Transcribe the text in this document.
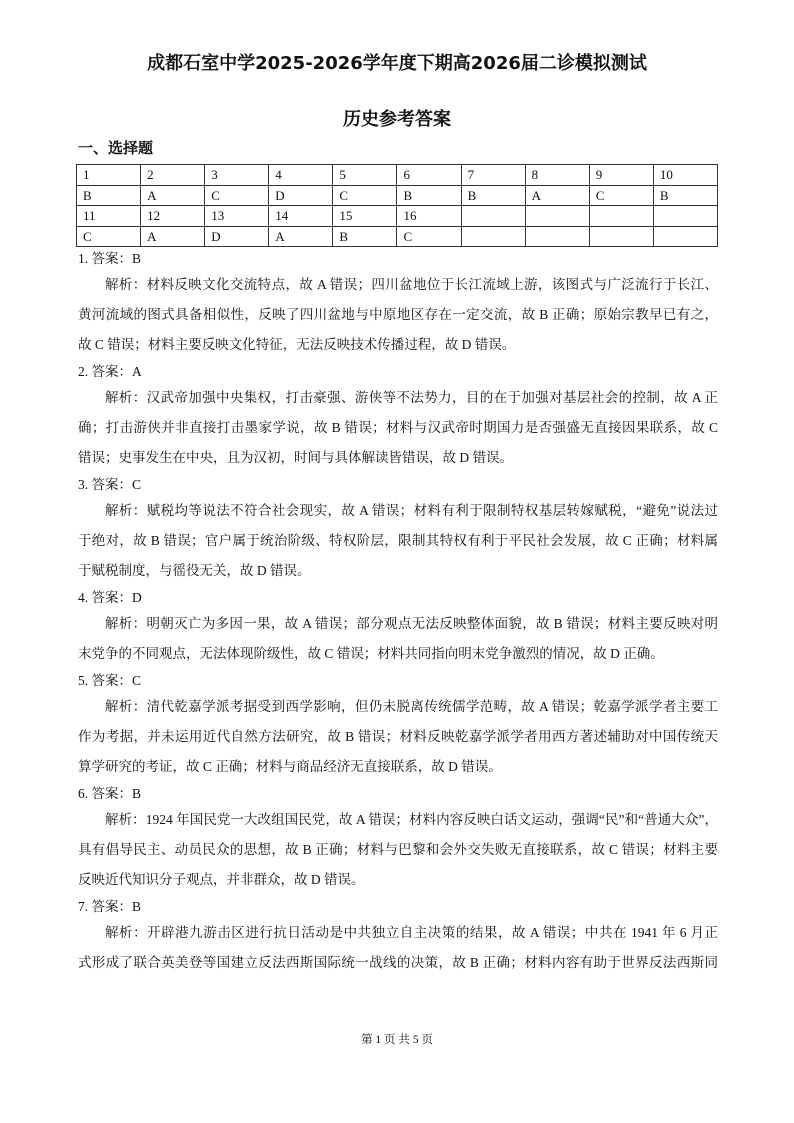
成都石室中学2025-2026学年度下期高2026届二诊模拟测试
历史参考答案
一、选择题
1	2	3	4	5	6	7	8	9	10
B	A	C	D	C	B	B	A	C	B
11	12	13	14	15	16				
C	A	D	A	B	C				
1. 答案：B
解析：材料反映文化交流特点，故 A 错误；四川盆地位于长江流域上游，该图式与广泛流行于长江、
黄河流域的图式具备相似性，反映了四川盆地与中原地区存在一定交流，故 B 正确；原始宗教早已有之，
故 C 错误；材料主要反映文化特征，无法反映技术传播过程，故 D 错误。
2. 答案：A
解析：汉武帝加强中央集权，打击豪强、游侠等不法势力，目的在于加强对基层社会的控制，故 A 正
确；打击游侠并非直接打击墨家学说，故 B 错误；材料与汉武帝时期国力是否强盛无直接因果联系，故 C
错误；史事发生在中央，且为汉初，时间与具体解读皆错误，故 D 错误。
3. 答案：C
解析：赋税均等说法不符合社会现实，故 A 错误；材料有利于限制特权基层转嫁赋税，“避免”说法过
于绝对，故 B 错误；官户属于统治阶级、特权阶层，限制其特权有利于平民社会发展，故 C 正确；材料属
于赋税制度，与徭役无关，故 D 错误。
4. 答案：D
解析：明朝灭亡为多因一果，故 A 错误；部分观点无法反映整体面貌，故 B 错误；材料主要反映对明
末党争的不同观点，无法体现阶级性，故 C 错误；材料共同指向明末党争激烈的情况，故 D 正确。
5. 答案：C
解析：清代乾嘉学派考据受到西学影响，但仍未脱离传统儒学范畴，故 A 错误；乾嘉学派学者主要工
作为考据，并未运用近代自然方法研究，故 B 错误；材料反映乾嘉学派学者用西方著述辅助对中国传统天
算学研究的考证，故 C 正确；材料与商品经济无直接联系，故 D 错误。
6. 答案：B
解析：1924 年国民党一大改组国民党，故 A 错误；材料内容反映白话文运动，强调“民”和“普通大众”，
具有倡导民主、动员民众的思想，故 B 正确；材料与巴黎和会外交失败无直接联系，故 C 错误；材料主要
反映近代知识分子观点，并非群众，故 D 错误。
7. 答案：B
解析：开辟港九游击区进行抗日活动是中共独立自主决策的结果，故 A 错误；中共在 1941 年 6 月正
式形成了联合英美登等国建立反法西斯国际统一战线的决策，故 B 正确；材料内容有助于世界反法西斯同
第 1 页 共 5 页
